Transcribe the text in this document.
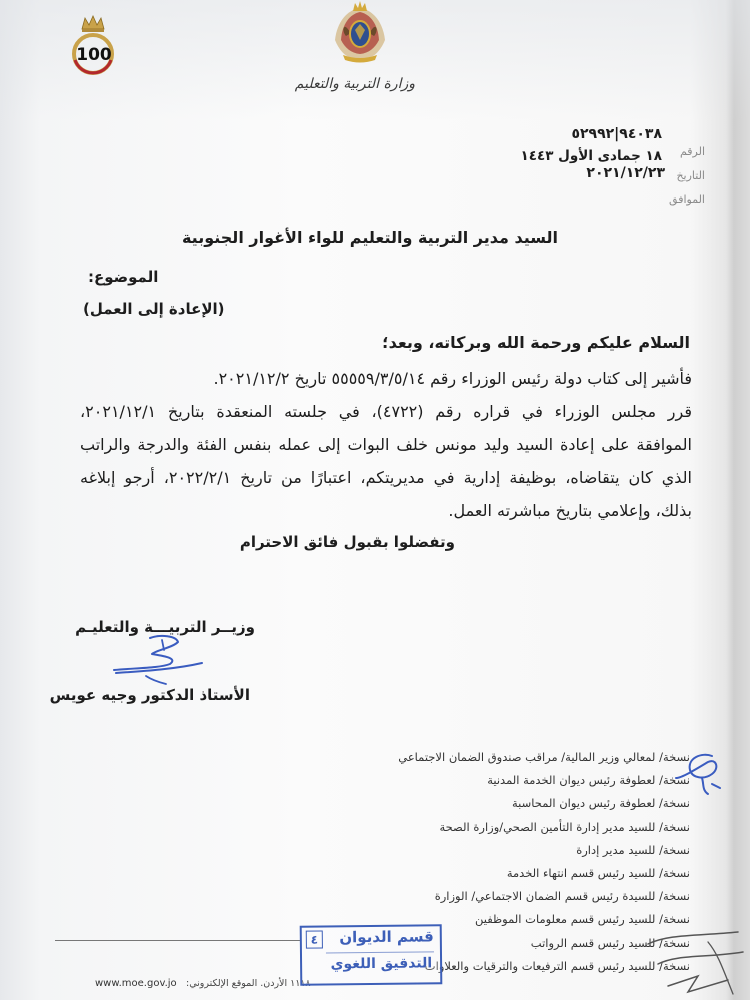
100
وزارة التربية والتعليم
٥٢٩٩٢|٩٤٠٣٨
الرقم
١٨ جمادى الأول ١٤٤٣
التاريخ
٢٠٢١/١٢/٢٣
الموافق
السيد مدير التربية والتعليم للواء الأغوار الجنوبية
الموضوع:
(الإعادة إلى العمل)
السلام عليكم ورحمة الله وبركاته، وبعد؛
فأشير إلى كتاب دولة رئيس الوزراء رقم ٥٥٥٥٩/٣/٥/١٤ تاريخ ٢٠٢١/١٢/٢.
قرر مجلس الوزراء في قراره رقم (٤٧٢٢)، في جلسته المنعقدة بتاريخ ٢٠٢١/١٢/١،
الموافقة على إعادة السيد وليد مونس خلف البوات إلى عمله بنفس الفئة والدرجة والراتب
الذي كان يتقاضاه، بوظيفة إدارية في مديريتكم، اعتبارًا من تاريخ ٢٠٢٢/٢/١، أرجو إبلاغه
بذلك، وإعلامي بتاريخ مباشرته العمل.
وتفضلوا بقبول فائق الاحترام
وزيــر التربيـــة والتعليـم
الأستاذ الدكتور وجيه عويس
نسخة/ لمعالي وزير المالية/ مراقب صندوق الضمان الاجتماعي
نسخة/ لعطوفة رئيس ديوان الخدمة المدنية
نسخة/ لعطوفة رئيس ديوان المحاسبة
نسخة/ للسيد مدير إدارة التأمين الصحي/وزارة الصحة
نسخة/ للسيد مدير إدارة
نسخة/ للسيد رئيس قسم انتهاء الخدمة
نسخة/ للسيدة رئيس قسم الضمان الاجتماعي/ الوزارة
نسخة/ للسيد رئيس قسم معلومات الموظفين
نسخة/ للسيد رئيس قسم الرواتب
نسخة/ للسيد رئيس قسم الترفيعات والترقيات والعلاوات
www.moe.gov.jo ١١١٨ الأردن. الموقع الإلكتروني:
٤	قسم الديوان
التدقيق اللغوي
